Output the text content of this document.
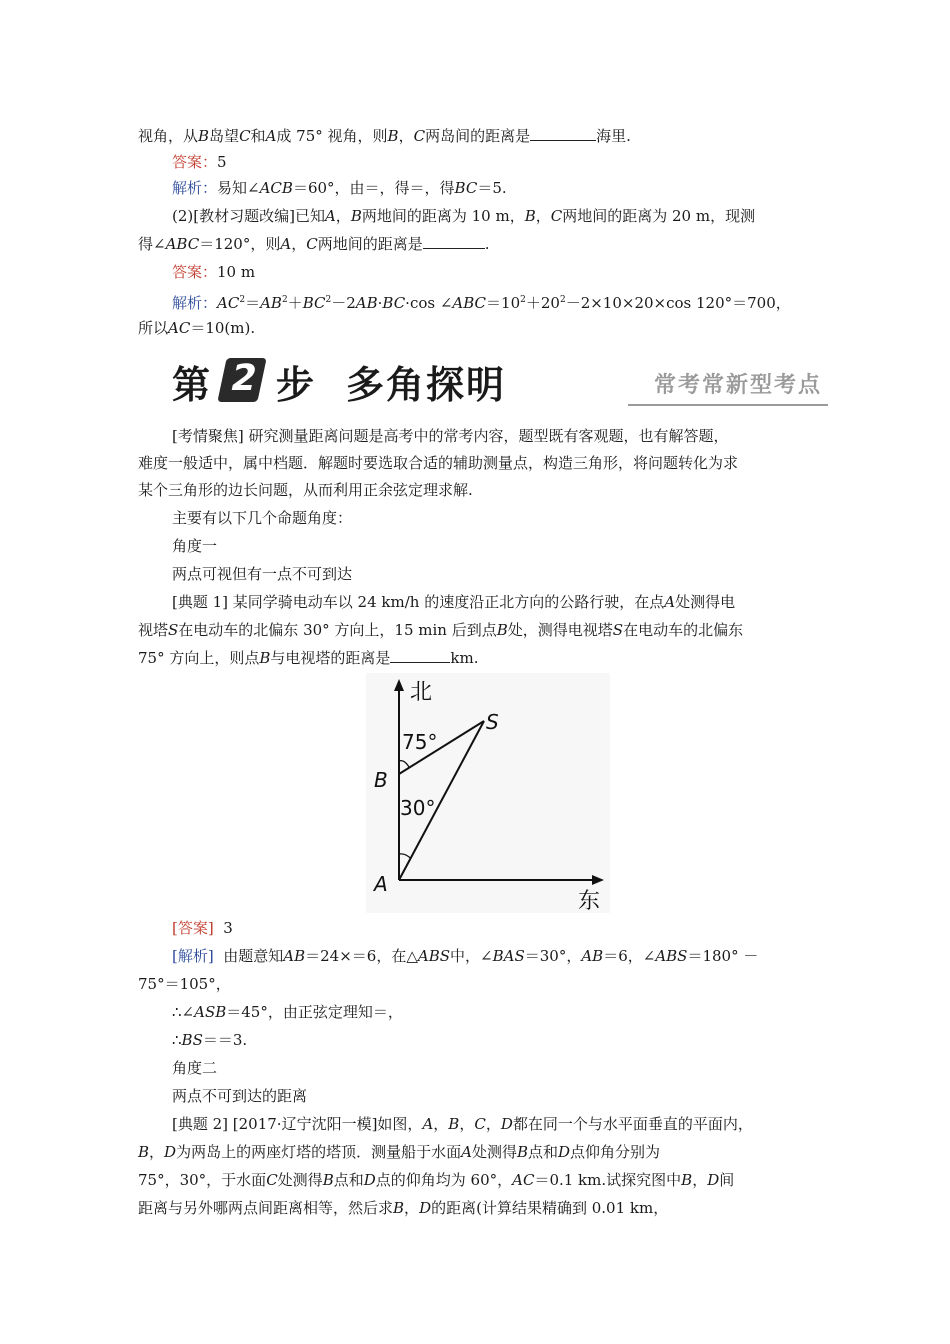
视角，从B岛望C和A成 75° 视角，则B，C两岛间的距离是	海里.
答案：5
解析：易知∠ACB＝60°，由＝，得＝，得BC＝5.
(2)[教材习题改编]已知A，B两地间的距离为 10 m，B，C两地间的距离为 20 m，现测
得∠ABC＝120°，则A，C两地间的距离是	.
答案：10 m
解析：$AC^2=AB^2+BC^2-2AB\cdot BC\cdot\cos$ $\angle ABC=10^2+20^2-2\times 10\times 20\times\cos$ 120°＝700，
所以AC＝10(m).
第 步 多角探明
2	常考常新型考点
[考情聚焦] 研究测量距离问题是高考中的常考内容，题型既有客观题，也有解答题，
难度一般适中，属中档题．解题时要选取合适的辅助测量点，构造三角形，将问题转化为求
某个三角形的边长问题，从而利用正余弦定理求解.
主要有以下几个命题角度：
角度一
两点可视但有一点不可到达
[典题 1] 某同学骑电动车以 24 km/h 的速度沿正北方向的公路行驶，在点A处测得电
视塔S在电动车的北偏东 30° 方向上，15 min 后到点B处，测得电视塔S在电动车的北偏东
75° 方向上，则点B与电视塔的距离是	km.
北
东
S
B
A
75°
30°
[答案] 3
[解析] 由题意知AB＝24×＝6，在△ABS中，∠BAS＝30°，AB＝6，∠ABS＝180° －
75°＝105°，
∴∠ASB＝45°，由正弦定理知＝，
∴BS＝＝3.
角度二
两点不可到达的距离
[典题 2] [2017·辽宁沈阳一模]如图，A，B，C，D都在同一个与水平面垂直的平面内，
B，D为两岛上的两座灯塔的塔顶．测量船于水面A处测得B点和D点仰角分别为
75°，30°，于水面C处测得B点和D点的仰角均为 60°，AC＝0.1 km.试探究图中B，D间
距离与另外哪两点间距离相等，然后求B，D的距离(计算结果精确到 0.01 km，
